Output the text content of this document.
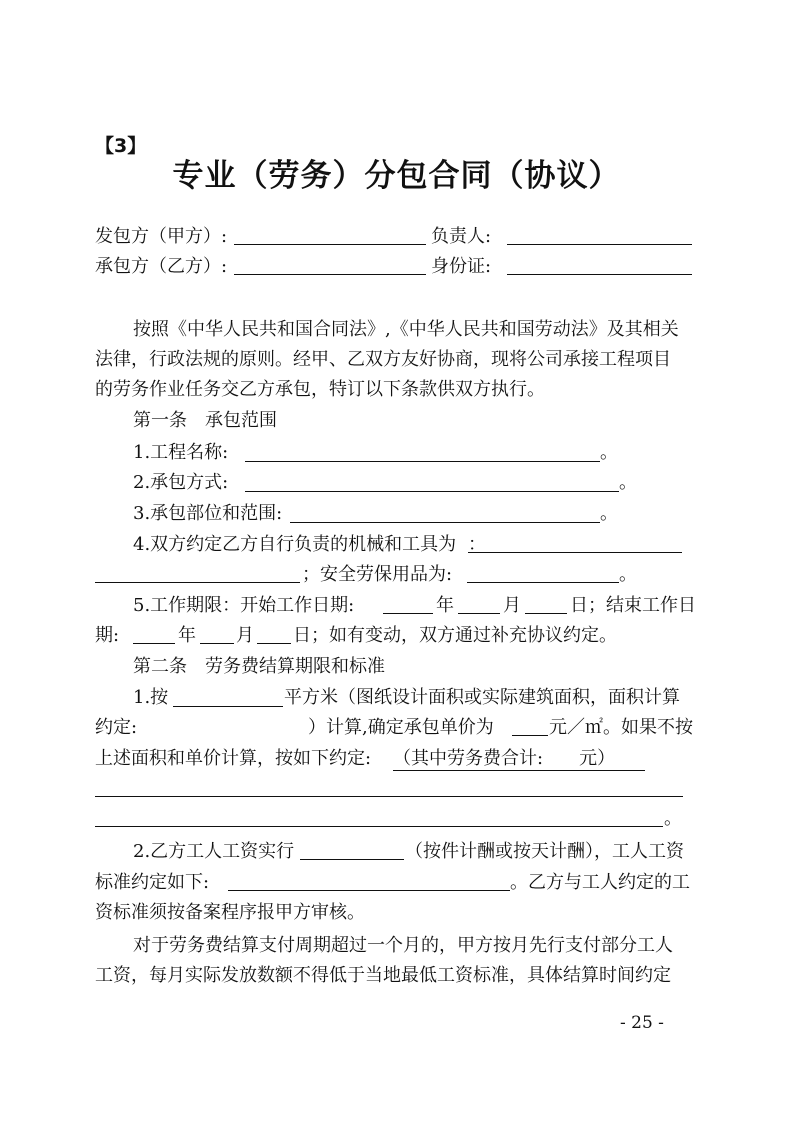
【3】
专业（劳务）分包合同（协议）
发包方（甲方）:	负责人:
承包方（乙方）:	身份证:
按照《中华人民共和国合同法》,《中华人民共和国劳动法》及其相关
法律，行政法规的原则。经甲、乙双方友好协商，现将公司承接工程项目
的劳务作业任务交乙方承包，特订以下条款供双方执行。
第一条　承包范围
1.工程名称:	。
2.承包方式:	。
3.承包部位和范围:	。
4.双方约定乙方自行负责的机械和工具为 ：
；安全劳保用品为:	。
5.工作期限：开始工作日期:	年	月	日；结束工作日
期:	年 月 日；如有变动，双方通过补充协议约定。
第二条　劳务费结算期限和标准
1.按	平方米（图纸设计面积或实际建筑面积，面积计算
约定:	）计算,确定承包单价为	元／㎡。如果不按
上述面积和单价计算，按如下约定: （其中劳务费合计:　　元）
。
2.乙方工人工资实行	（按件计酬或按天计酬），工人工资
标准约定如下:	。乙方与工人约定的工
资标准须按备案程序报甲方审核。
对于劳务费结算支付周期超过一个月的，甲方按月先行支付部分工人
工资，每月实际发放数额不得低于当地最低工资标准，具体结算时间约定
- 25 -
